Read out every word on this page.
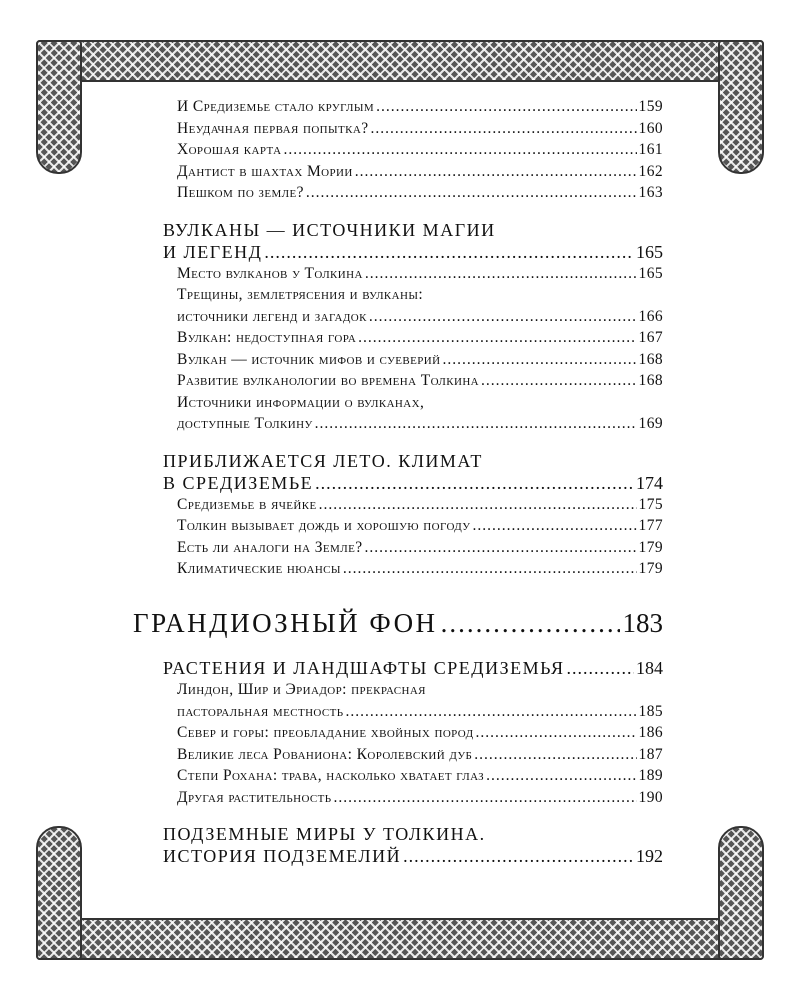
И Средиземье стало круглым .....	159
Неудачная первая попытка? .....	160
Хорошая карта .....	161
Дантист в шахтах Мории .....	162
Пешком по земле? .....	163
ВУЛКАНЫ — ИСТОЧНИКИ МАГИИ
И ЛЕГЕНД .....	165
Место вулканов у Толкина .....	165
Трещины, землетрясения и вулканы:
источники легенд и загадок .....	166
Вулкан: недоступная гора .....	167
Вулкан — источник мифов и суеверий .....	168
Развитие вулканологии во времена Толкина .....	168
Источники информации о вулканах,
доступные Толкину .....	169
ПРИБЛИЖАЕТСЯ ЛЕТО. КЛИМАТ
В СРЕДИЗЕМЬЕ .....	174
Средиземье в ячейке .....	175
Толкин вызывает дождь и хорошую погоду .....	177
Есть ли аналоги на Земле? .....	179
Климатические нюансы .....	179
ГРАНДИОЗНЫЙ ФОН .....	183
РАСТЕНИЯ И ЛАНДШАФТЫ СРЕДИЗЕМЬЯ .....	184
Линдон, Шир и Эриадор: прекрасная
пасторальная местность .....	185
Север и горы: преобладание хвойных пород .....	186
Великие леса Рованиона: Королевский дуб .....	187
Степи Рохана: трава, насколько хватает глаз .....	189
Другая растительность .....	190
ПОДЗЕМНЫЕ МИРЫ У ТОЛКИНА.
ИСТОРИЯ ПОДЗЕМЕЛИЙ .....	192
